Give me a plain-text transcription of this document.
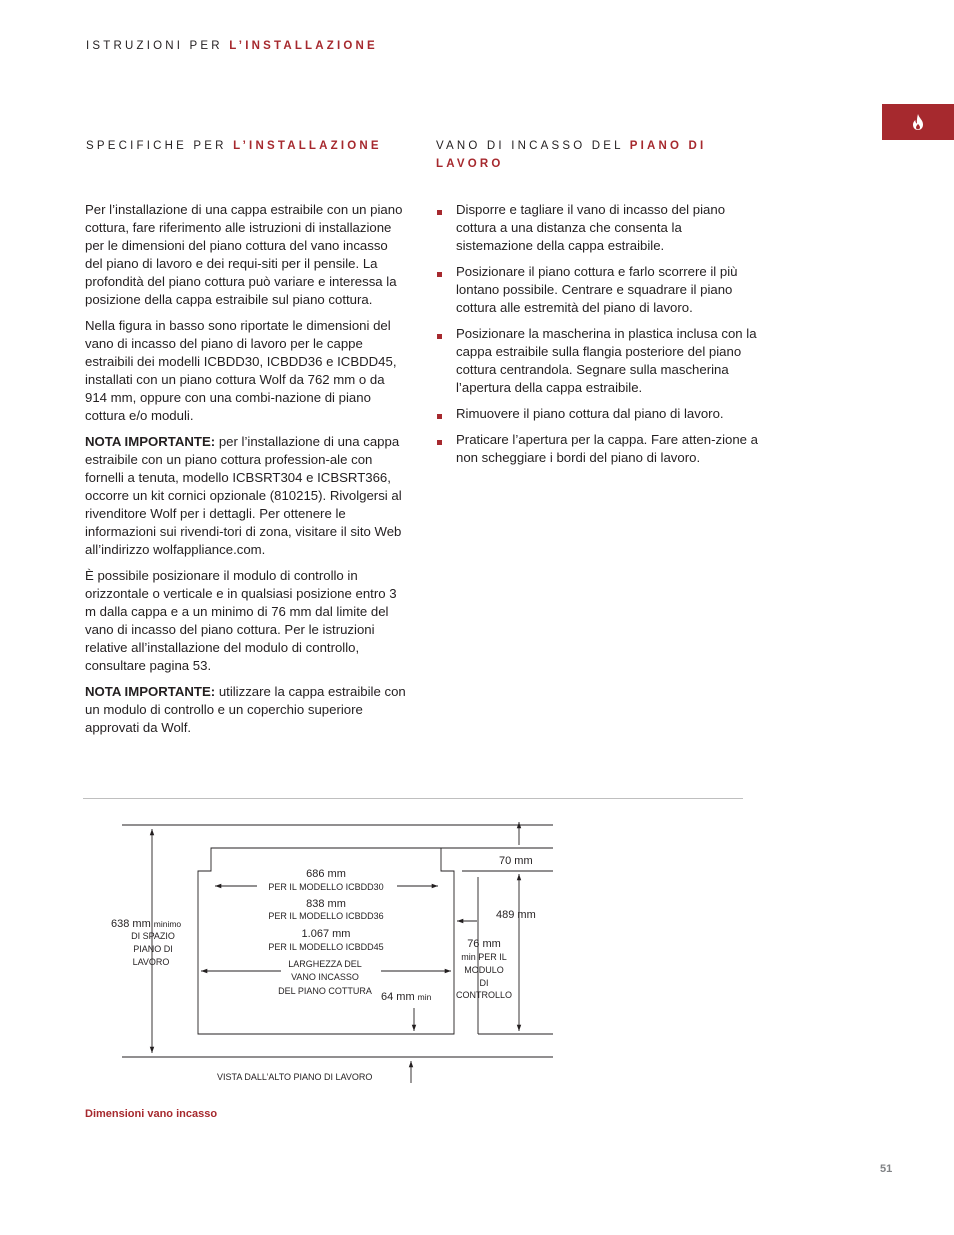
ISTRUZIONI PER L’INSTALLAZIONE
SPECIFICHE PER L’INSTALLAZIONE	VANO DI INCASSO DEL PIANO DI LAVORO

Per l’installazione di una cappa estraibile con un piano cottura, fare riferimento alle istruzioni di installazione per le dimensioni del piano cottura del vano incasso del piano di lavoro e dei requi-siti per il pensile. La profondità del piano cottura può variare e interessa la posizione della cappa estraibile sul piano cottura.

Nella figura in basso sono riportate le dimensioni del vano di incasso del piano di lavoro per le cappe estraibili dei modelli ICBDD30, ICBDD36 e ICBDD45, installati con un piano cottura Wolf da 762 mm o da 914 mm, oppure con una combi-nazione di piano cottura e/o moduli.

NOTA IMPORTANTE: per l’installazione di una cappa estraibile con un piano cottura profession-ale con fornelli a tenuta, modello ICBSRT304 e ICBSRT366, occorre un kit cornici opzionale (810215). Rivolgersi al rivenditore Wolf per i dettagli. Per ottenere le informazioni sui rivendi-tori di zona, visitare il sito Web all’indirizzo wolfappliance.com.

È possibile posizionare il modulo di controllo in orizzontale o verticale e in qualsiasi posizione entro 3 m dalla cappa e a un minimo di 76 mm dal limite del vano di incasso del piano cottura. Per le istruzioni relative all’installazione del modulo di controllo, consultare pagina 53.

NOTA IMPORTANTE: utilizzare la cappa estraibile con un modulo di controllo e un coperchio superiore approvati da Wolf.

Disporre e tagliare il vano di incasso del piano cottura a una distanza che consenta la sistemazione della cappa estraibile.
Posizionare il piano cottura e farlo scorrere il più lontano possibile. Centrare e squadrare il piano cottura alle estremità del piano di lavoro.
Posizionare la mascherina in plastica inclusa con la cappa estraibile sulla flangia posteriore del piano cottura centrandola. Segnare sulla mascherina l’apertura della cappa estraibile.
Rimuovere il piano cottura dal piano di lavoro.
Praticare l’apertura per la cappa. Fare atten-zione a non scheggiare i bordi del piano di lavoro.
638 mm minimo
DI SPAZIO
PIANO DI
LAVORO
686 mm
PER IL MODELLO ICBDD30
838 mm
PER IL MODELLO ICBDD36
1.067 mm
PER IL MODELLO ICBDD45
LARGHEZZA DEL
VANO INCASSO
DEL PIANO COTTURA 64 mm min
70 mm
489 mm
76 mm
min PER IL
MODULO
DI
CONTROLLO
VISTA DALL’ALTO PIANO DI LAVORO
Dimensioni vano incasso
51
